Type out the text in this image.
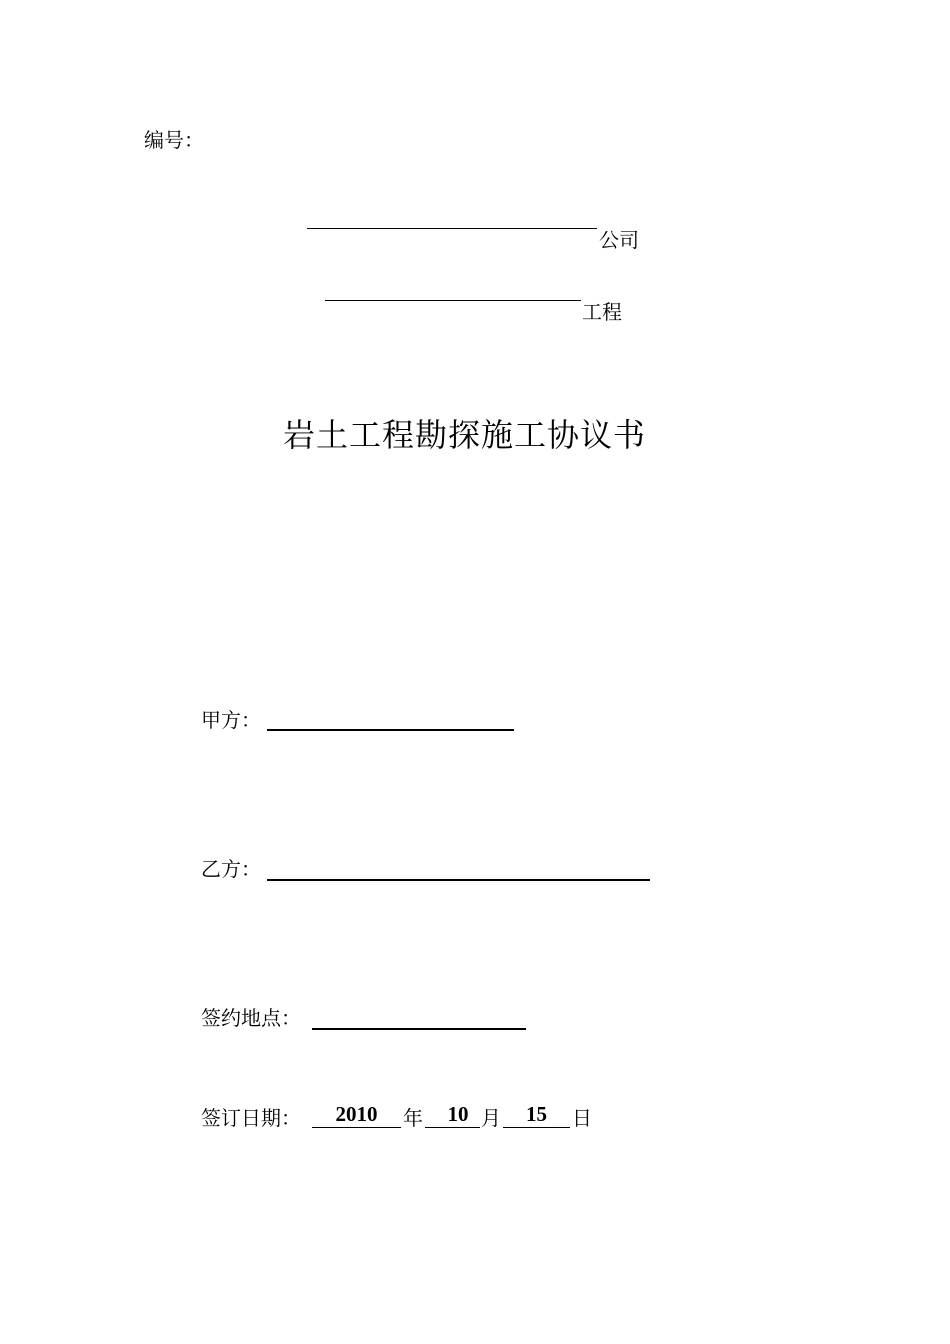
编号：
公司
工程
岩土工程勘探施工协议书
甲方：
乙方：
签约地点：
签订日期：	2010	年	10 月	15	日
